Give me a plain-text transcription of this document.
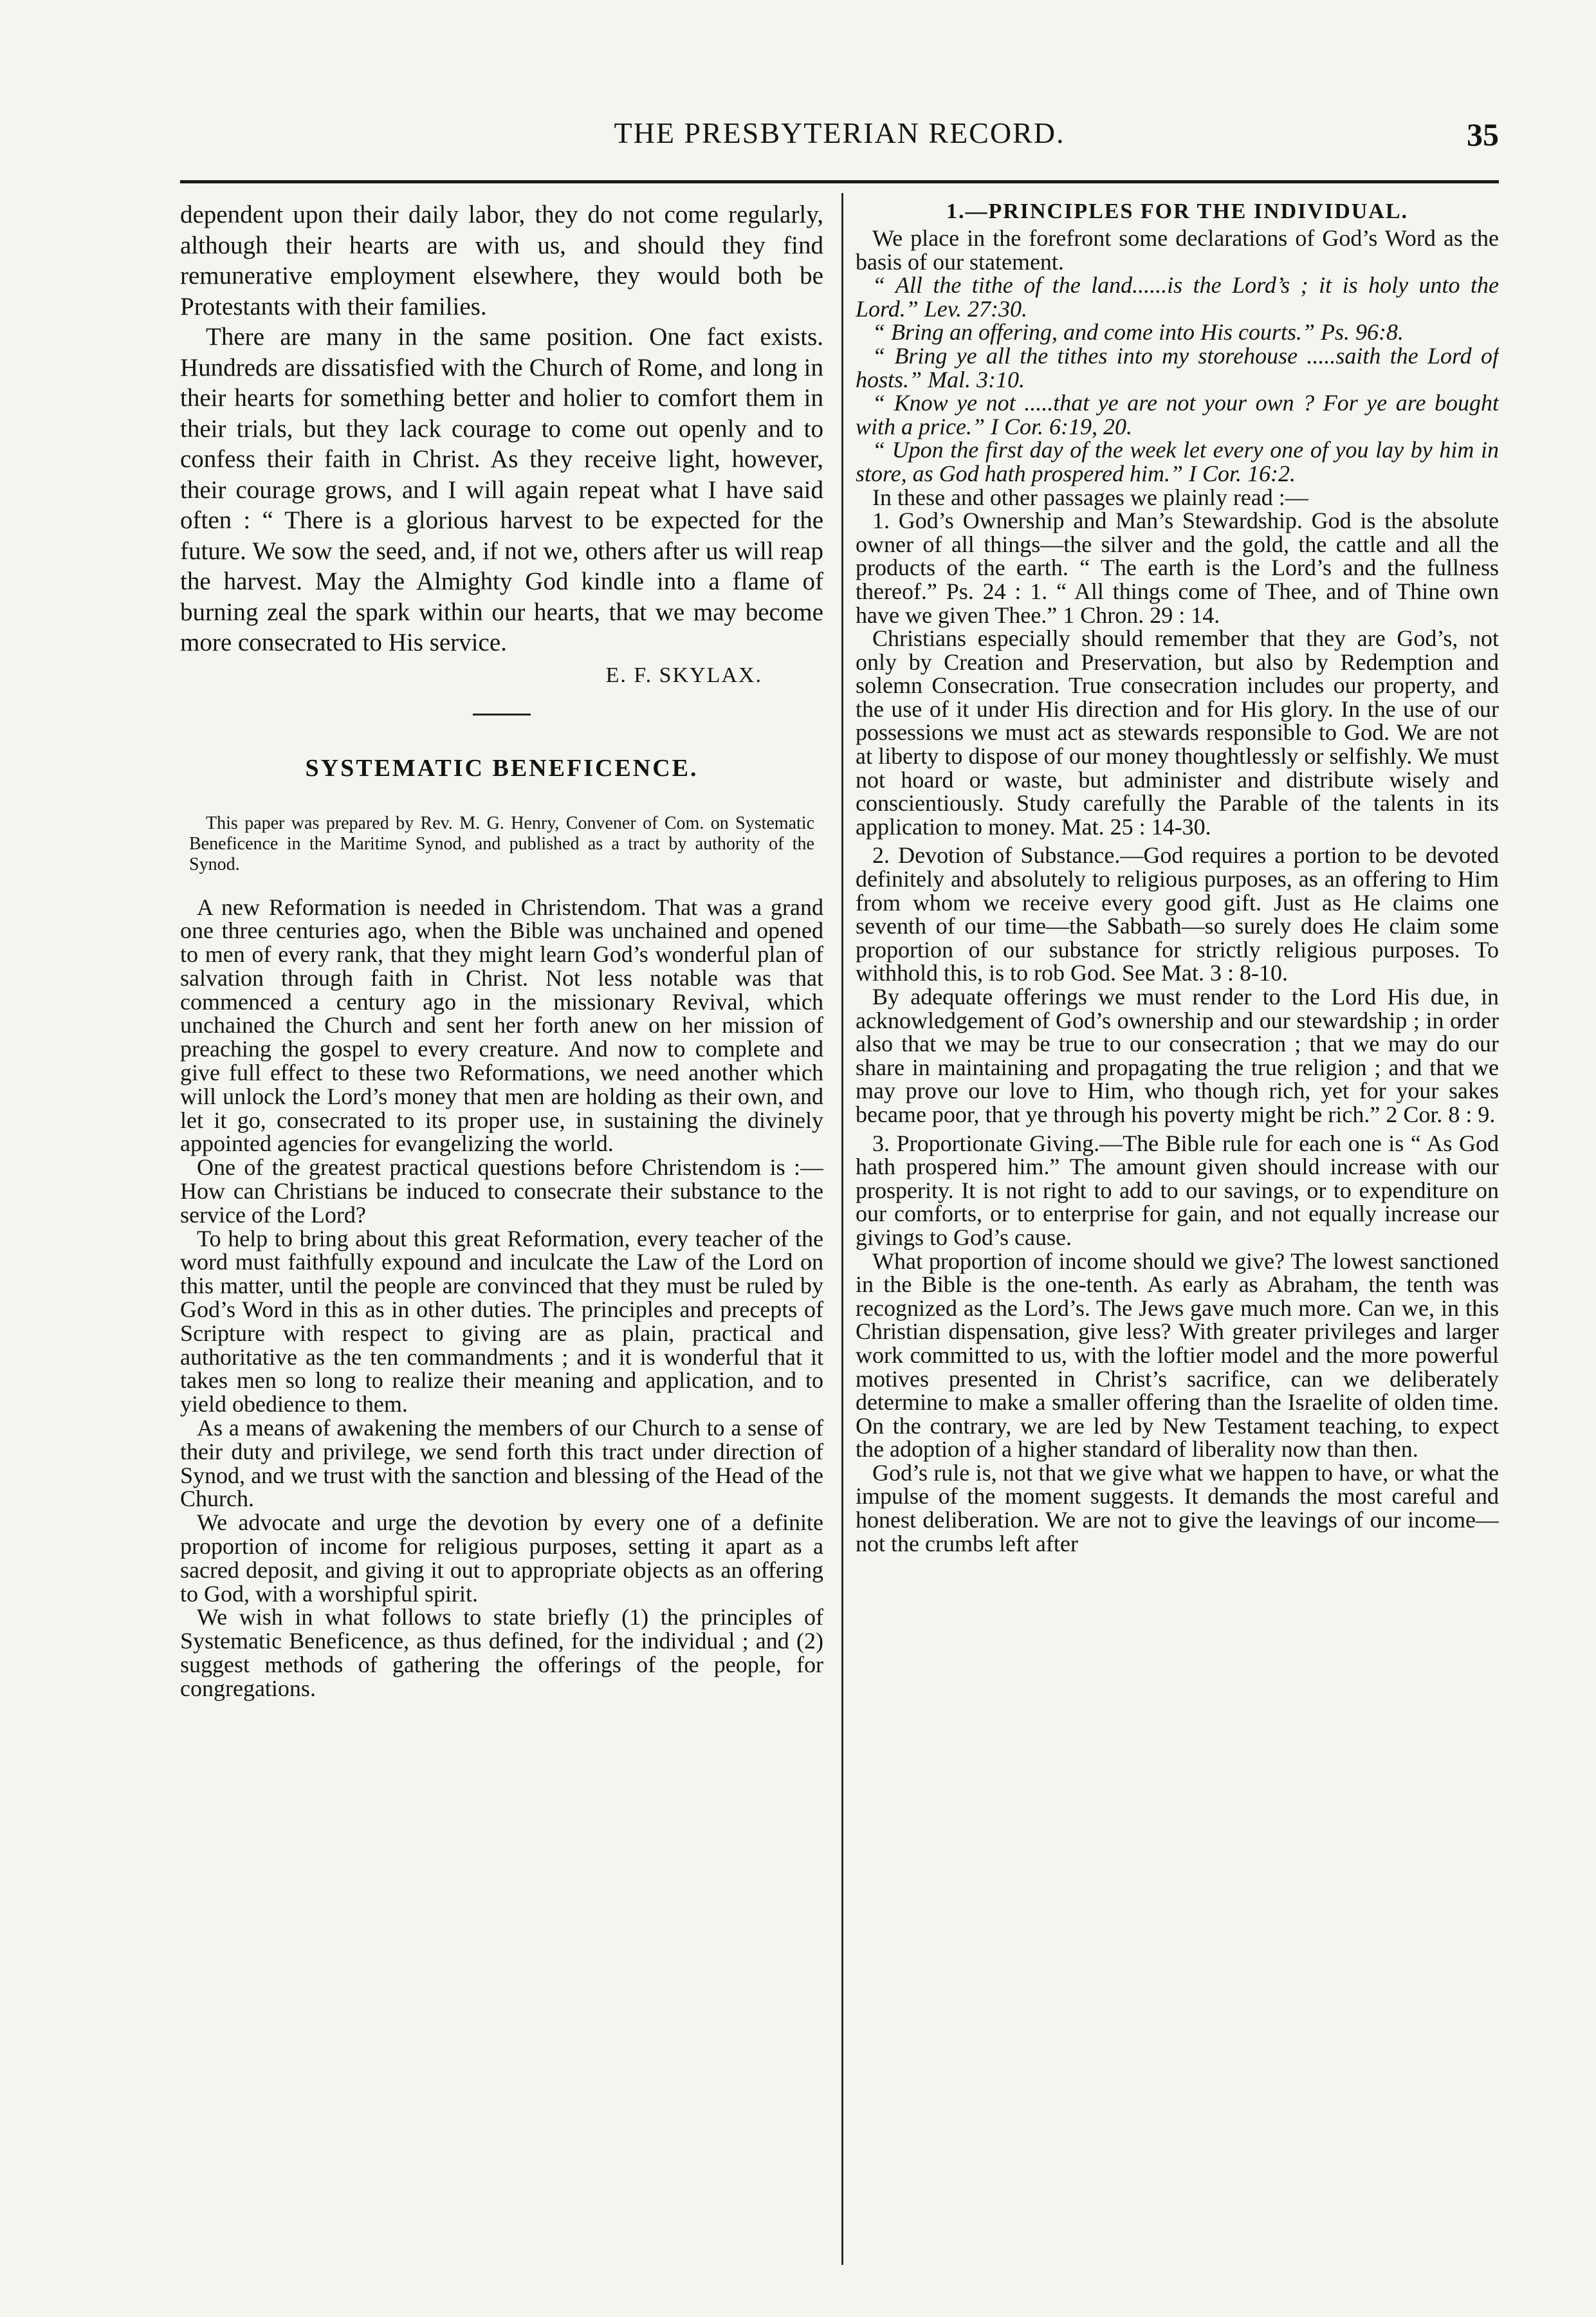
THE PRESBYTERIAN RECORD.	35

dependent upon their daily labor, they do not come regularly, although their hearts are with us, and should they find remunerative employment elsewhere, they would both be Protestants with their families.

There are many in the same position. One fact exists. Hundreds are dissatisfied with the Church of Rome, and long in their hearts for something better and holier to comfort them in their trials, but they lack courage to come out openly and to confess their faith in Christ. As they receive light, however, their courage grows, and I will again repeat what I have said often : “ There is a glorious harvest to be expected for the future. We sow the seed, and, if not we, others after us will reap the harvest. May the Almighty God kindle into a flame of burning zeal the spark within our hearts, that we may become more consecrated to His service.

E. F. SKYLAX.

SYSTEMATIC BENEFICENCE.

This paper was prepared by Rev. M. G. Henry, Convener of Com. on Systematic Beneficence in the Maritime Synod, and published as a tract by authority of the Synod.

A new Reformation is needed in Christendom. That was a grand one three centuries ago, when the Bible was unchained and opened to men of every rank, that they might learn God’s wonderful plan of salvation through faith in Christ. Not less notable was that commenced a century ago in the missionary Revival, which unchained the Church and sent her forth anew on her mission of preaching the gospel to every creature. And now to complete and give full effect to these two Reformations, we need another which will unlock the Lord’s money that men are holding as their own, and let it go, consecrated to its proper use, in sustaining the divinely appointed agencies for evangelizing the world.

One of the greatest practical questions before Christendom is :—How can Christians be induced to consecrate their substance to the service of the Lord?

To help to bring about this great Reformation, every teacher of the word must faithfully expound and inculcate the Law of the Lord on this matter, until the people are convinced that they must be ruled by God’s Word in this as in other duties. The principles and precepts of Scripture with respect to giving are as plain, practical and authoritative as the ten commandments ; and it is wonderful that it takes men so long to realize their meaning and application, and to yield obedience to them.

As a means of awakening the members of our Church to a sense of their duty and privilege, we send forth this tract under direction of Synod, and we trust with the sanction and blessing of the Head of the Church.

We advocate and urge the devotion by every one of a definite proportion of income for religious purposes, setting it apart as a sacred deposit, and giving it out to appropriate objects as an offering to God, with a worshipful spirit.

We wish in what follows to state briefly (1) the principles of Systematic Beneficence, as thus defined, for the individual ; and (2) suggest methods of gathering the offerings of the people, for congregations.

1.—PRINCIPLES FOR THE INDIVIDUAL.

We place in the forefront some declarations of God’s Word as the basis of our statement.

“ All the tithe of the land......is the Lord’s ; it is holy unto the Lord.” Lev. 27:30.

“ Bring an offering, and come into His courts.” Ps. 96:8.

“ Bring ye all the tithes into my storehouse .....saith the Lord of hosts.” Mal. 3:10.

“ Know ye not .....that ye are not your own ? For ye are bought with a price.” I Cor. 6:19, 20.

“ Upon the first day of the week let every one of you lay by him in store, as God hath prospered him.” I Cor. 16:2.

In these and other passages we plainly read :—

1. God’s Ownership and Man’s Stewardship. God is the absolute owner of all things—the silver and the gold, the cattle and all the products of the earth. “ The earth is the Lord’s and the fullness thereof.” Ps. 24 : 1. “ All things come of Thee, and of Thine own have we given Thee.” 1 Chron. 29 : 14.

Christians especially should remember that they are God’s, not only by Creation and Preservation, but also by Redemption and solemn Consecration. True consecration includes our property, and the use of it under His direction and for His glory. In the use of our possessions we must act as stewards responsible to God. We are not at liberty to dispose of our money thoughtlessly or selfishly. We must not hoard or waste, but administer and distribute wisely and conscientiously. Study carefully the Parable of the talents in its application to money. Mat. 25 : 14-30.

2. Devotion of Substance.—God requires a portion to be devoted definitely and absolutely to religious purposes, as an offering to Him from whom we receive every good gift. Just as He claims one seventh of our time—the Sabbath—so surely does He claim some proportion of our substance for strictly religious purposes. To withhold this, is to rob God. See Mat. 3 : 8-10.

By adequate offerings we must render to the Lord His due, in acknowledgement of God’s ownership and our stewardship ; in order also that we may be true to our consecration ; that we may do our share in maintaining and propagating the true religion ; and that we may prove our love to Him, who though rich, yet for your sakes became poor, that ye through his poverty might be rich.” 2 Cor. 8 : 9.

3. Proportionate Giving.—The Bible rule for each one is “ As God hath prospered him.” The amount given should increase with our prosperity. It is not right to add to our savings, or to expenditure on our comforts, or to enterprise for gain, and not equally increase our givings to God’s cause.

What proportion of income should we give? The lowest sanctioned in the Bible is the one-tenth. As early as Abraham, the tenth was recognized as the Lord’s. The Jews gave much more. Can we, in this Christian dispensation, give less? With greater privileges and larger work committed to us, with the loftier model and the more powerful motives presented in Christ’s sacrifice, can we deliberately determine to make a smaller offering than the Israelite of olden time. On the contrary, we are led by New Testament teaching, to expect the adoption of a higher standard of liberality now than then.

God’s rule is, not that we give what we happen to have, or what the impulse of the moment suggests. It demands the most careful and honest deliberation. We are not to give the leavings of our income—not the crumbs left after
